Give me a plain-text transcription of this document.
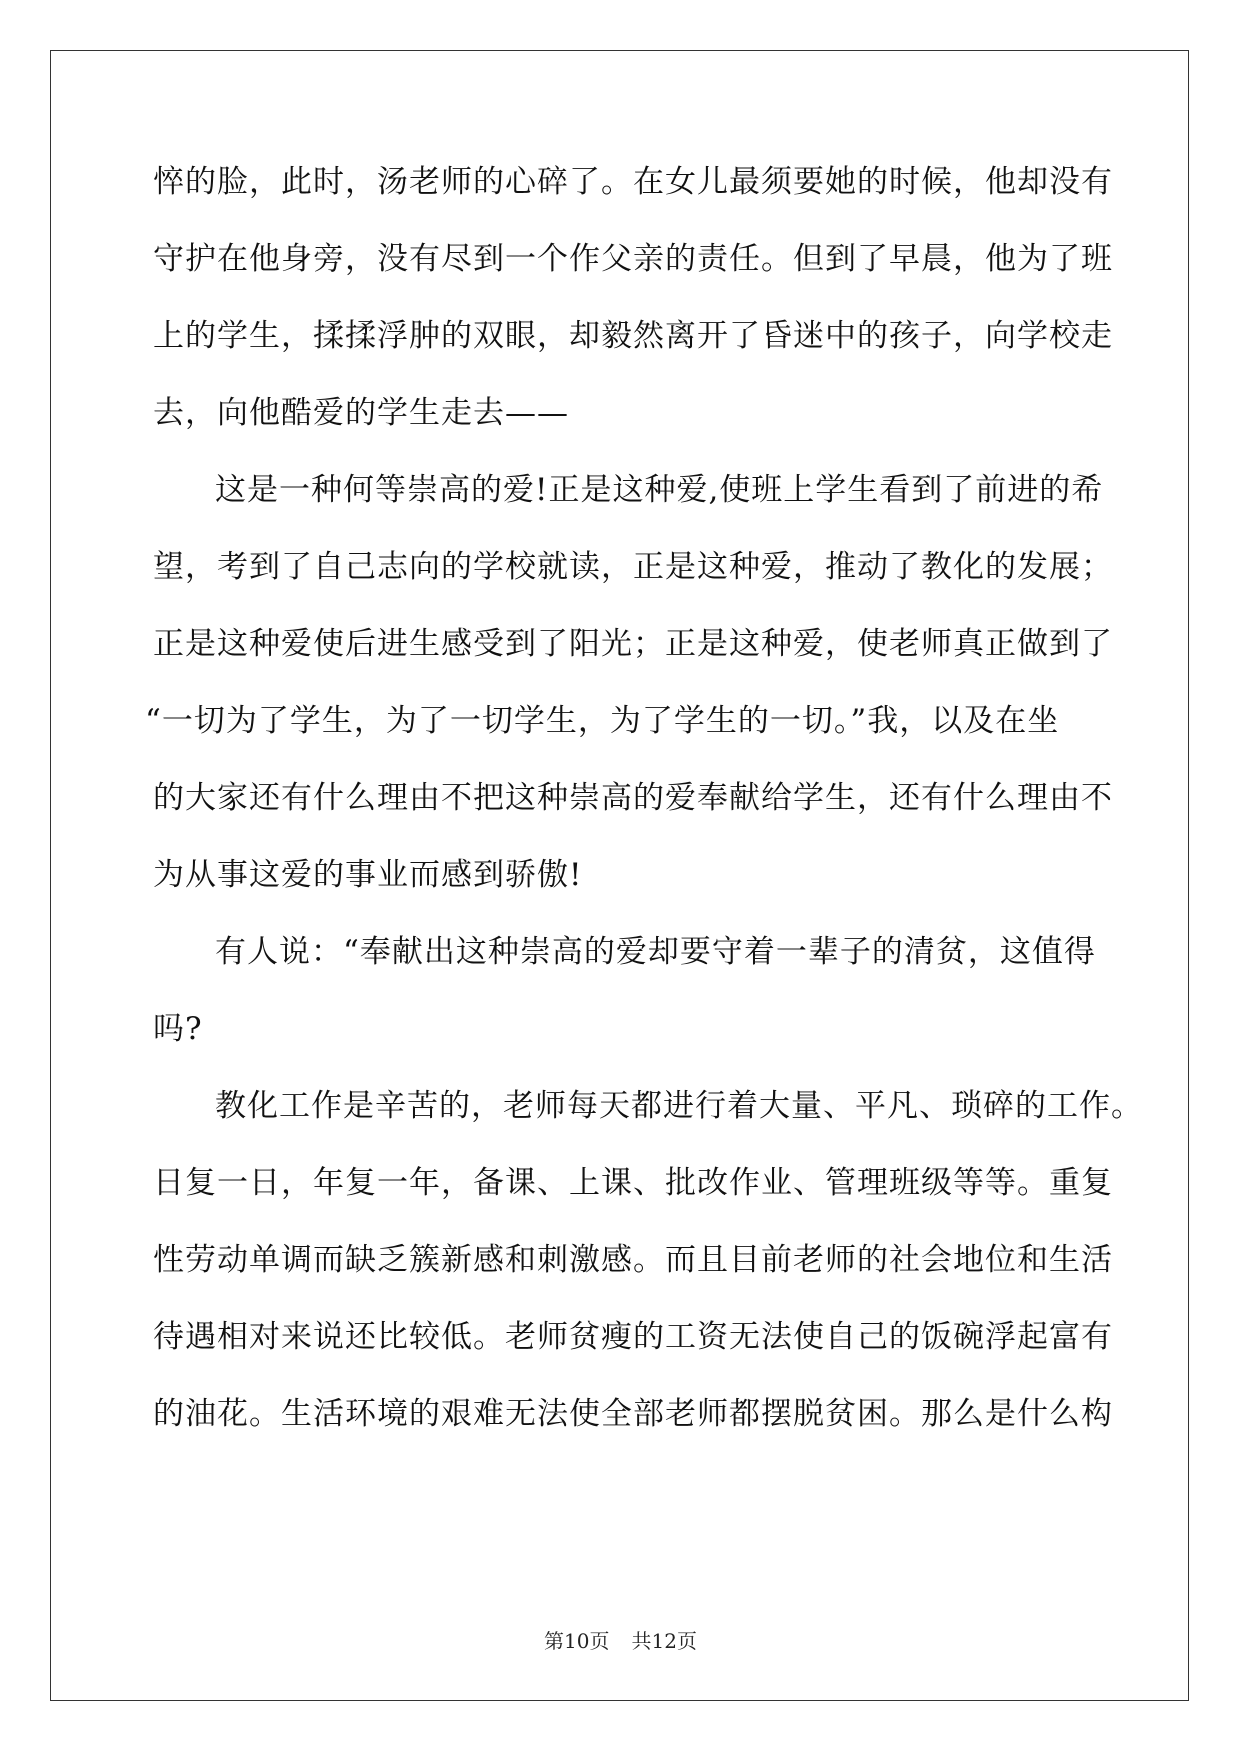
悴的脸，此时，汤老师的心碎了。在女儿最须要她的时候，他却没有
守护在他身旁，没有尽到一个作父亲的责任。但到了早晨，他为了班
上的学生，揉揉浮肿的双眼，却毅然离开了昏迷中的孩子，向学校走
去，向他酷爱的学生走去——
这是一种何等崇高的爱!正是这种爱,使班上学生看到了前进的希
望，考到了自己志向的学校就读，正是这种爱，推动了教化的发展；
正是这种爱使后进生感受到了阳光；正是这种爱，使老师真正做到了
“一切为了学生，为了一切学生，为了学生的一切。”我，以及在坐
的大家还有什么理由不把这种崇高的爱奉献给学生，还有什么理由不
为从事这爱的事业而感到骄傲!
有人说：“奉献出这种崇高的爱却要守着一辈子的清贫，这值得
吗?
教化工作是辛苦的，老师每天都进行着大量、平凡、琐碎的工作。
日复一日，年复一年，备课、上课、批改作业、管理班级等等。重复
性劳动单调而缺乏簇新感和刺激感。而且目前老师的社会地位和生活
待遇相对来说还比较低。老师贫瘦的工资无法使自己的饭碗浮起富有
的油花。生活环境的艰难无法使全部老师都摆脱贫困。那么是什么构
第10页 共12页
